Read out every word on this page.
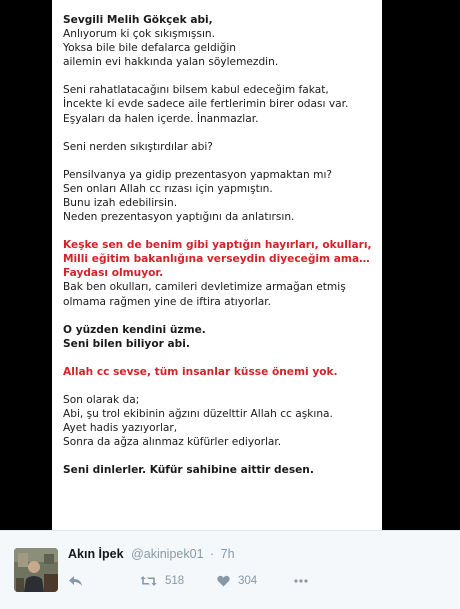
Sevgili Melih Gökçek abi,
Anlıyorum ki çok sıkışmışsın.
Yoksa bile bile defalarca geldiğin
ailemin evi hakkında yalan söylemezdin.
Seni rahatlatacağını bilsem kabul edeceğim fakat,
İncekte ki evde sadece aile fertlerimin birer odası var.
Eşyaları da halen içerde. İnanmazlar.
Seni nerden sıkıştırdılar abi?
Pensilvanya ya gidip prezentasyon yapmaktan mı?
Sen onları Allah cc rızası için yapmıştın.
Bunu izah edebilirsin.
Neden prezentasyon yaptığını da anlatırsın.
Keşke sen de benim gibi yaptığın hayırları, okulları,
Milli eğitim bakanlığına verseydin diyeceğim ama…
Faydası olmuyor.
Bak ben okulları, camileri devletimize armağan etmiş
olmama rağmen yine de iftira atıyorlar.
O yüzden kendini üzme.
Seni bilen biliyor abi.
Allah cc sevse, tüm insanlar küsse önemi yok.
Son olarak da;
Abi, şu trol ekibinin ağzını düzelttir Allah cc aşkına.
Ayet hadis yazıyorlar,
Sonra da ağza alınmaz küfürler ediyorlar.
Seni dinlerler. Küfür sahibine aittir desen.
Akın İpek @akinipek01 · 7h
518	304
